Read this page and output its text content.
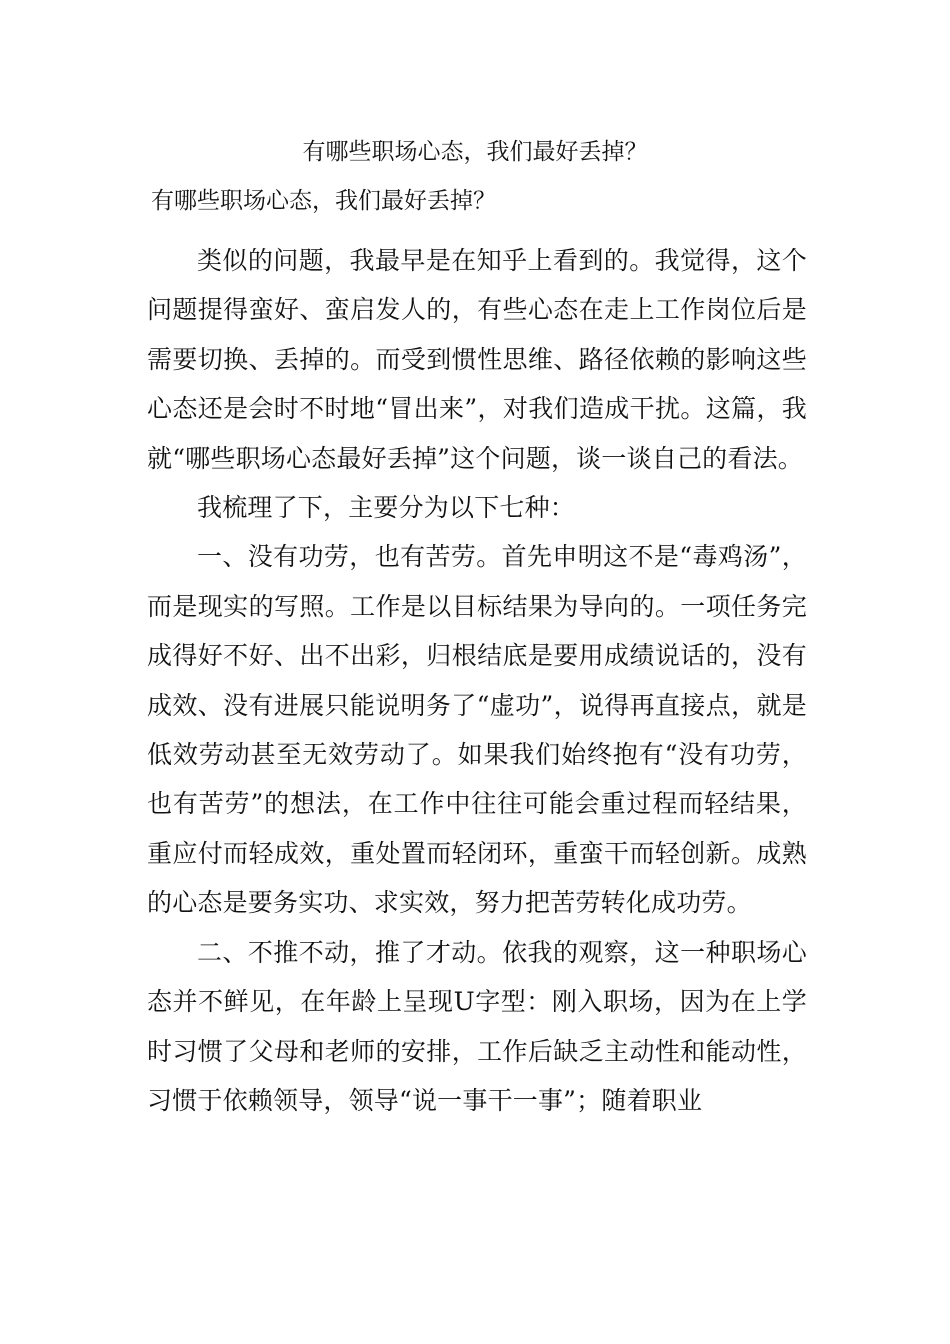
有哪些职场心态，我们最好丢掉？

有哪些职场心态，我们最好丢掉？

类似的问题，我最早是在知乎上看到的。我觉得，这个问题提得蛮好、蛮启发人的，有些心态在走上工作岗位后是需要切换、丢掉的。而受到惯性思维、路径依赖的影响这些心态还是会时不时地“冒出来”，对我们造成干扰。这篇，我就“哪些职场心态最好丢掉”这个问题，谈一谈自己的看法。

我梳理了下，主要分为以下七种：

一、没有功劳，也有苦劳。首先申明这不是“毒鸡汤”，而是现实的写照。工作是以目标结果为导向的。一项任务完成得好不好、出不出彩，归根结底是要用成绩说话的，没有成效、没有进展只能说明务了“虚功”，说得再直接点，就是低效劳动甚至无效劳动了。如果我们始终抱有“没有功劳，也有苦劳”的想法，在工作中往往可能会重过程而轻结果，重应付而轻成效，重处置而轻闭环，重蛮干而轻创新。成熟的心态是要务实功、求实效，努力把苦劳转化成功劳。

二、不推不动，推了才动。依我的观察，这一种职场心态并不鲜见，在年龄上呈现U字型：刚入职场，因为在上学时习惯了父母和老师的安排，工作后缺乏主动性和能动性，习惯于依赖领导，领导“说一事干一事”；随着职业
